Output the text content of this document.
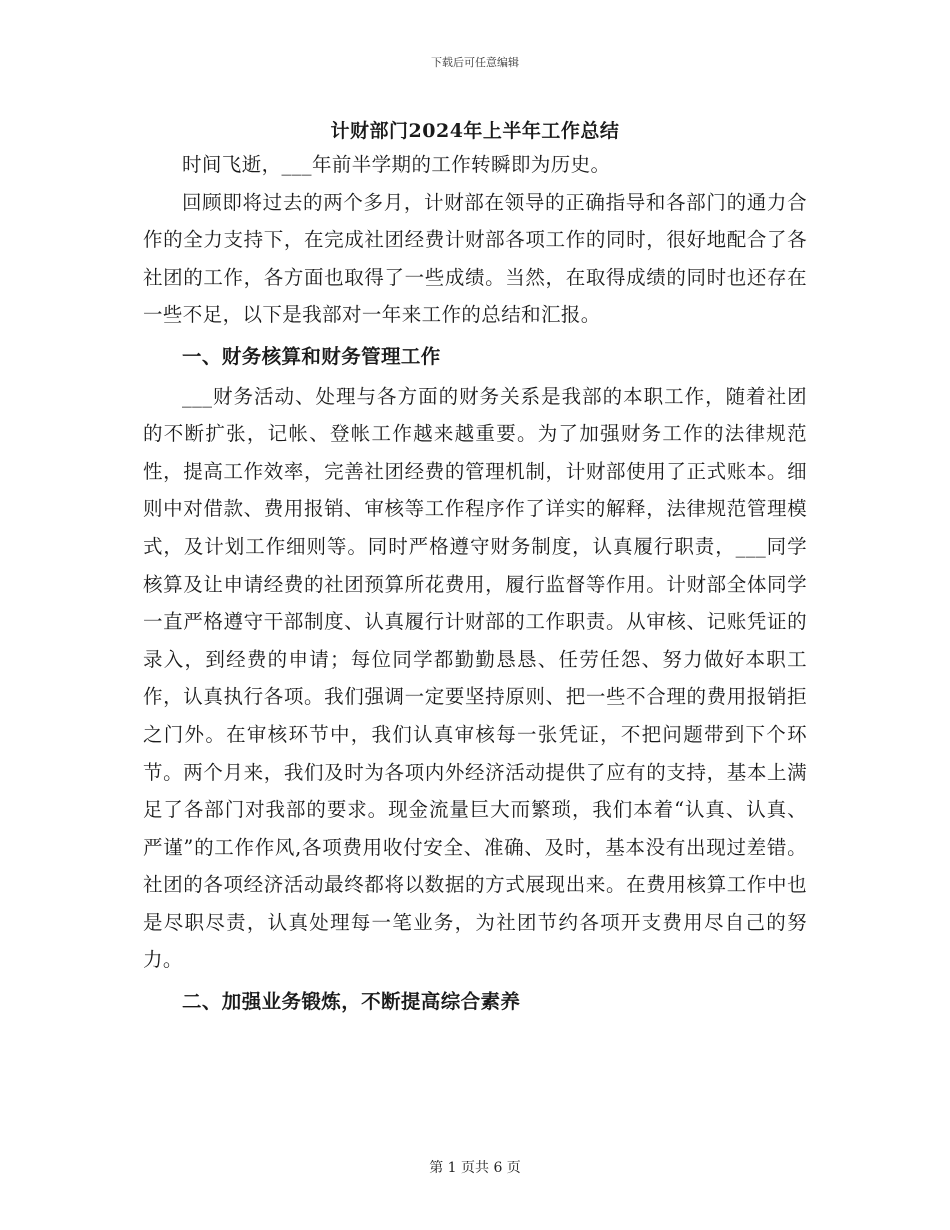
下载后可任意编辑
计财部门2024年上半年工作总结

时间飞逝，___年前半学期的工作转瞬即为历史。

回顾即将过去的两个多月，计财部在领导的正确指导和各部门的通力合作的全力支持下，在完成社团经费计财部各项工作的同时，很好地配合了各社团的工作，各方面也取得了一些成绩。当然，在取得成绩的同时也还存在一些不足，以下是我部对一年来工作的总结和汇报。

一、财务核算和财务管理工作

___财务活动、处理与各方面的财务关系是我部的本职工作，随着社团的不断扩张，记帐、登帐工作越来越重要。为了加强财务工作的法律规范性，提高工作效率，完善社团经费的管理机制，计财部使用了正式账本。细则中对借款、费用报销、审核等工作程序作了详实的解释，法律规范管理模式，及计划工作细则等。同时严格遵守财务制度，认真履行职责，___同学核算及让申请经费的社团预算所花费用，履行监督等作用。计财部全体同学一直严格遵守干部制度、认真履行计财部的工作职责。从审核、记账凭证的录入，到经费的申请；每位同学都勤勤恳恳、任劳任怨、努力做好本职工作，认真执行各项。我们强调一定要坚持原则、把一些不合理的费用报销拒之门外。在审核环节中，我们认真审核每一张凭证，不把问题带到下个环节。两个月来，我们及时为各项内外经济活动提供了应有的支持，基本上满足了各部门对我部的要求。现金流量巨大而繁琐，我们本着“认真、认真、严谨”的工作作风,各项费用收付安全、准确、及时，基本没有出现过差错。社团的各项经济活动最终都将以数据的方式展现出来。在费用核算工作中也是尽职尽责，认真处理每一笔业务，为社团节约各项开支费用尽自己的努力。

二、加强业务锻炼，不断提高综合素养

第 1 页共 6 页
